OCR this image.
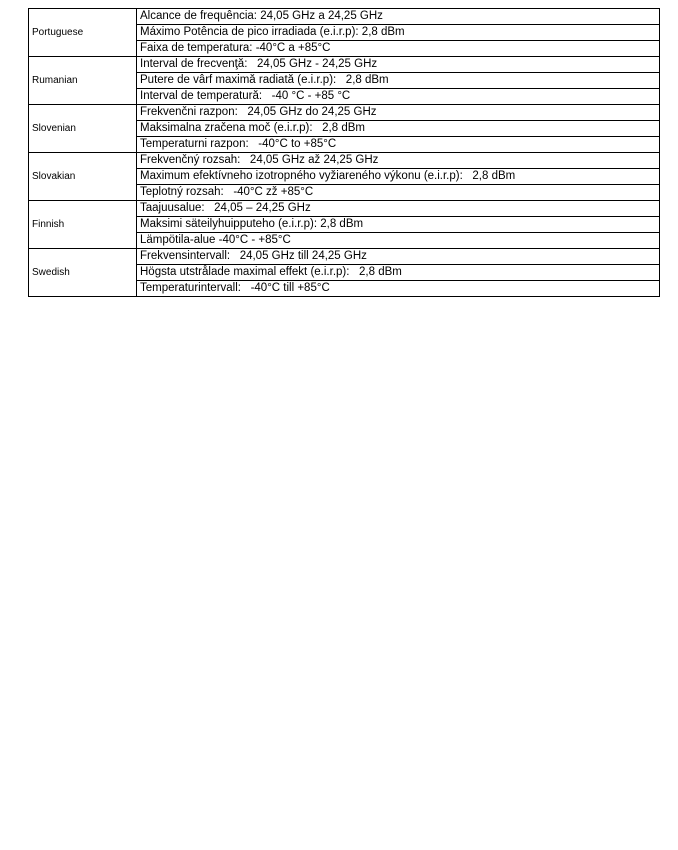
Portuguese	Alcance de frequência: 24,05 GHz a 24,25 GHz
Máximo Potência de pico irradiada (e.i.r.p): 2,8 dBm
Faixa de temperatura: -40°C a +85°C

Rumanian	Interval de frecvenţă:   24,05 GHz - 24,25 GHz
Putere de vârf maximă radiată (e.i.r.p):   2,8 dBm
Interval de temperatură:   -40 °C - +85 °C

Slovenian	Frekvenčni razpon:   24,05 GHz do 24,25 GHz
Maksimalna zračena moč (e.i.r.p):   2,8 dBm
Temperaturni razpon:   -40°C to +85°C

Slovakian	Frekvenčný rozsah:   24,05 GHz až 24,25 GHz
Maximum efektívneho izotropného vyžiareného výkonu (e.i.r.p):   2,8 dBm
Teplotný rozsah:   -40°C zž +85°C

Finnish	Taajuusalue:   24,05 – 24,25 GHz
Maksimi säteilyhuipputeho (e.i.r.p): 2,8 dBm
Lämpötila-alue -40°C - +85°C

Swedish	Frekvensintervall:   24,05 GHz till 24,25 GHz
Högsta utstrålade maximal effekt (e.i.r.p):   2,8 dBm
Temperaturintervall:   -40°C till +85°C
